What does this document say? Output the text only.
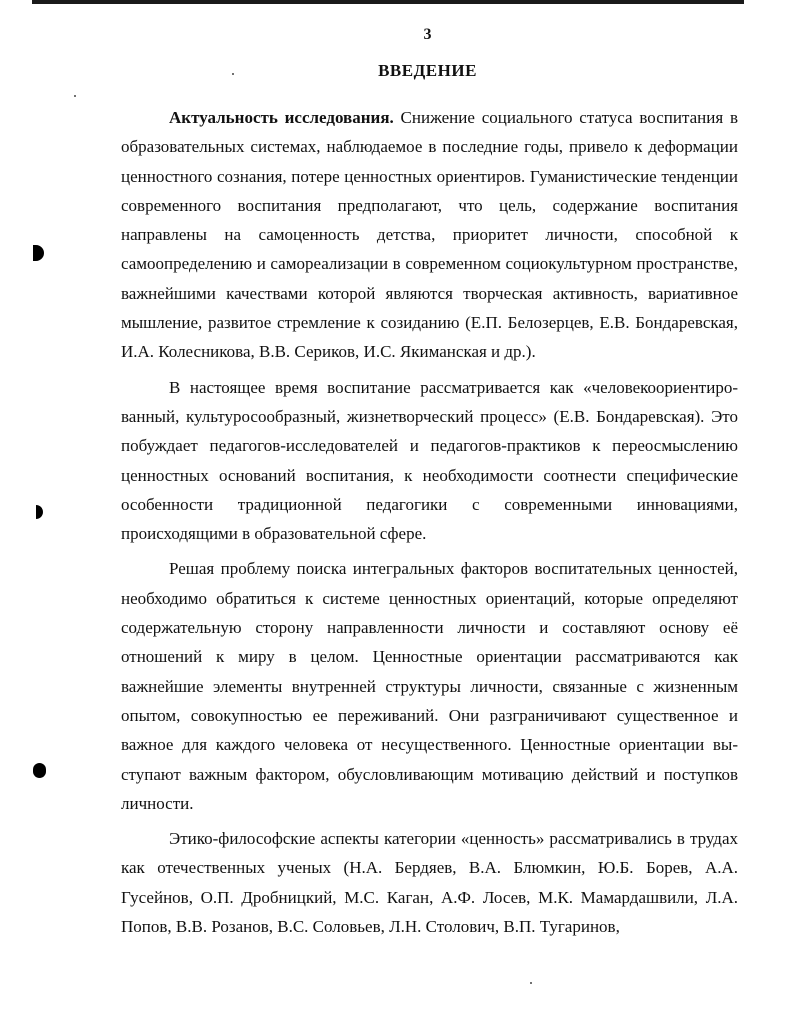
3
ВВЕДЕНИЕ

Актуальность исследования. Снижение социального статуса воспитания в образовательных системах, наблюдаемое в последние годы, привело к деформации ценностного сознания, потере ценностных ориентиров. Гуманистические тенденции современного воспитания предполагают, что цель, содержание воспитания направлены на самоценность детства, приоритет личности, способной к самоопределению и самореализации в современном социокультурном пространстве, важнейшими качествами которой являются творческая активность, вариативное мышление, развитое стремление к созиданию (Е.П. Белозерцев, Е.В. Бондаревская, И.А. Колесникова, В.В. Сериков, И.С. Якиманская и др.).

В настоящее время воспитание рассматривается как «человекоориентированный, культуросообразный, жизнетворческий процесс» (Е.В. Бондаревская). Это побуждает педагогов-исследователей и педагогов-практиков к переосмыслению ценностных оснований воспитания, к необходимости соотнести специфические особенности традиционной педагогики с современными инновациями, происходящими в образовательной сфере.

Решая проблему поиска интегральных факторов воспитательных ценностей, необходимо обратиться к системе ценностных ориентаций, которые определяют содержательную сторону направленности личности и составляют основу её отношений к миру в целом. Ценностные ориентации рассматриваются как важнейшие элементы внутренней структуры личности, связанные с жизненным опытом, совокупностью ее переживаний. Они разграничивают существенное и важное для каждого человека от несущественного. Ценностные ориентации выступают важным фактором, обусловливающим мотивацию действий и поступков личности.

Этико-философские аспекты категории «ценность» рассматривались в трудах как отечественных ученых (Н.А. Бердяев, В.А. Блюмкин, Ю.Б. Борев, А.А. Гусейнов, О.П. Дробницкий, М.С. Каган, А.Ф. Лосев, М.К. Мамардашвили, Л.А. Попов, В.В. Розанов, В.С. Соловьев, Л.Н. Столович, В.П. Тугаринов,
